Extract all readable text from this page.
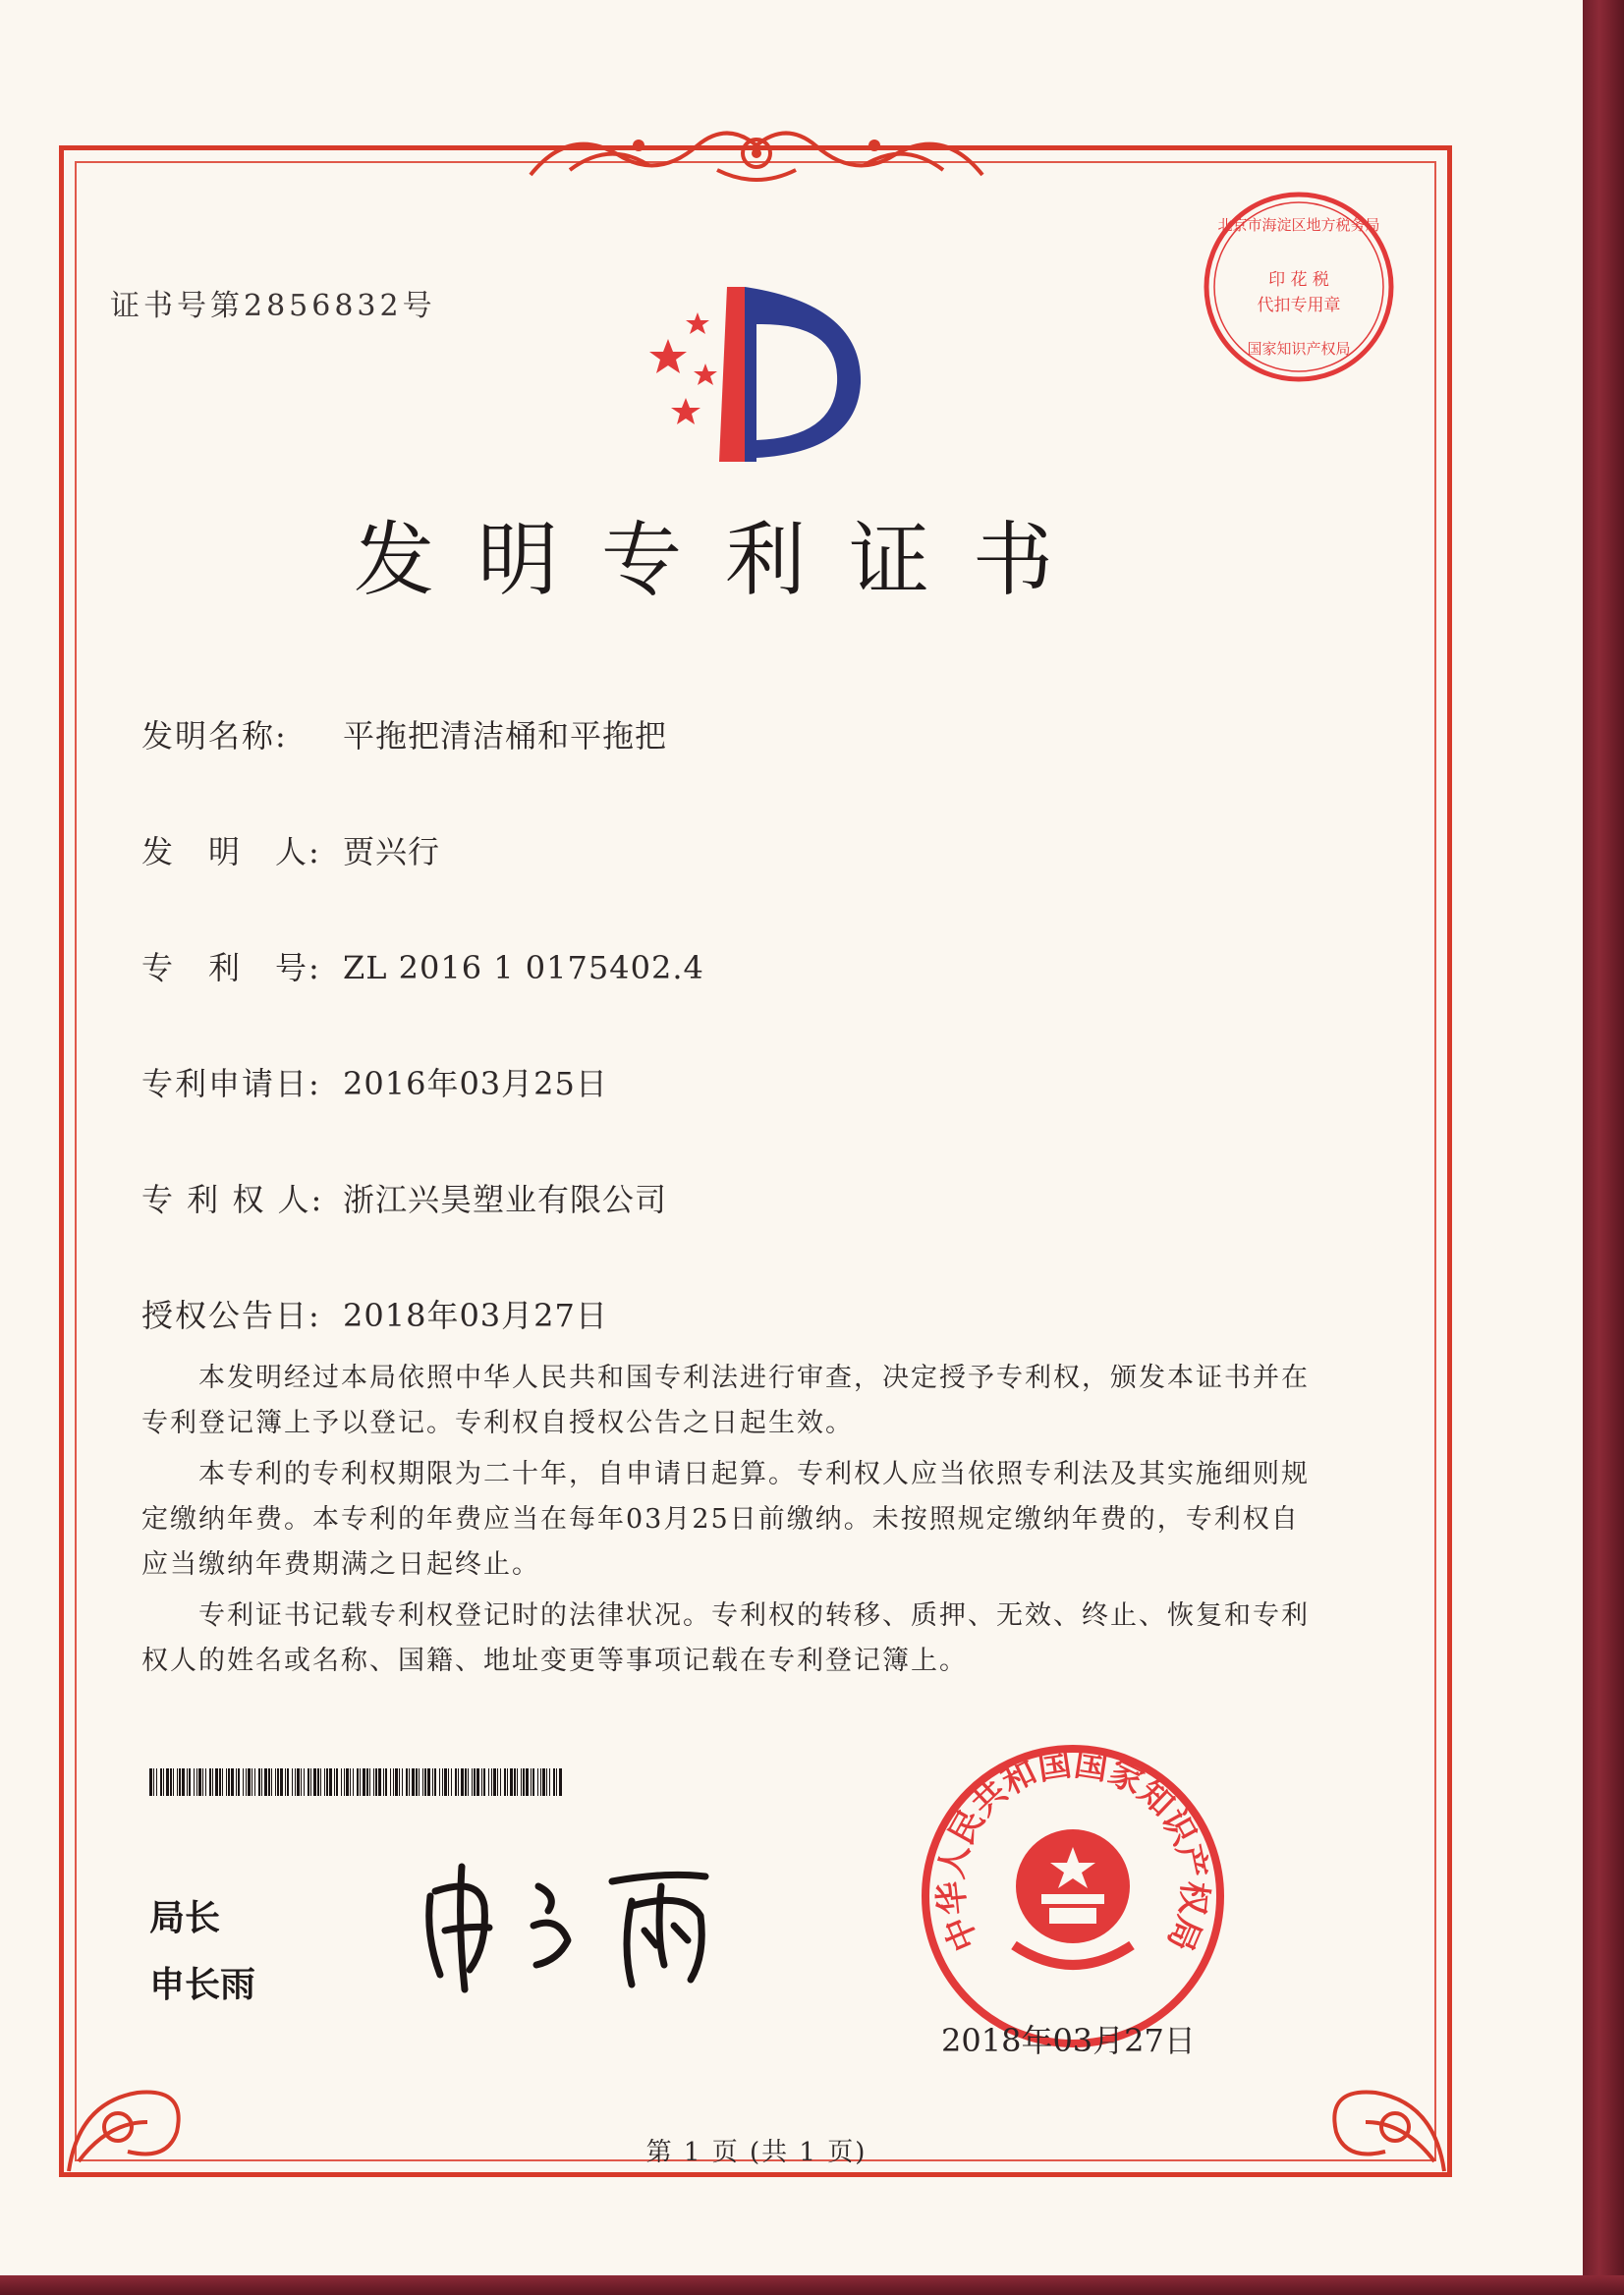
证书号第2856832号
北京市海淀区地方税务局
印 花 税
代扣专用章
国家知识产权局
发明专利证书
发明名称: 平拖把清洁桶和平拖把
发　明　人: 贾兴行
专　利　号: ZL 2016 1 0175402.4
专利申请日: 2016年03月25日
专 利 权 人: 浙江兴昊塑业有限公司
授权公告日: 2018年03月27日
本发明经过本局依照中华人民共和国专利法进行审查，决定授予专利权，颁发本证书并在专利登记簿上予以登记。专利权自授权公告之日起生效。
本专利的专利权期限为二十年，自申请日起算。专利权人应当依照专利法及其实施细则规定缴纳年费。本专利的年费应当在每年03月25日前缴纳。未按照规定缴纳年费的，专利权自应当缴纳年费期满之日起终止。
专利证书记载专利权登记时的法律状况。专利权的转移、质押、无效、终止、恢复和专利权人的姓名或名称、国籍、地址变更等事项记载在专利登记簿上。
局长
申长雨
中华人民共和国国家知识产权局
2018年03月27日
第 1 页 (共 1 页)
